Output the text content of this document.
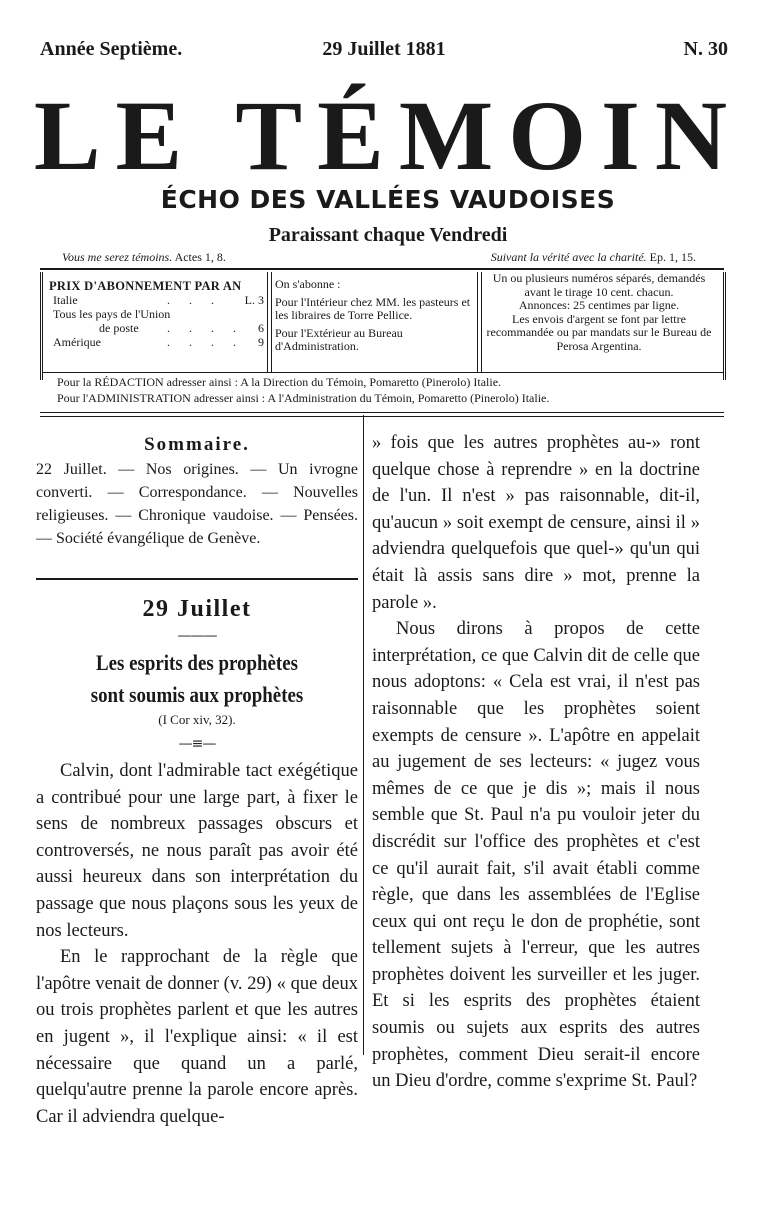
Année Septième.	29 Juillet 1881	N. 30
LE TÉMOIN
ÉCHO DES VALLÉES VAUDOISES
Paraissant chaque Vendredi
Vous me serez témoins. Actes 1, 8.	Suivant la vérité avec la charité. Ep. 1, 15.
PRIX D'ABONNEMENT PAR AN
Italie	. . . L. 3
Tous les pays de l'Union
de poste . . . . 6
Amérique	. . . . 9

On s'abonne :

Pour l'Intérieur chez MM. les pasteurs et les libraires de Torre Pellice.

Pour l'Extérieur au Bureau d'Administration.

Un ou plusieurs numéros séparés, demandés avant le tirage 10 cent. chacun.

Annonces: 25 centimes par ligne.

Les envois d'argent se font par lettre recommandée ou par mandats sur le Bureau de Perosa Argentina.

Pour la RÉDACTION adresser ainsi : A la Direction du Témoin, Pomaretto (Pinerolo) Italie.
Pour l'ADMINISTRATION adresser ainsi : A l'Administration du Témoin, Pomaretto (Pinerolo) Italie.
Sommaire.
22 Juillet. — Nos origines. — Un ivrogne converti. — Correspondance. — Nouvelles religieuses. — Chronique vaudoise. — Pensées. — Société évangélique de Genève.
29 Juillet
———
Les esprits des prophètes
sont soumis aux prophètes
(I Cor xiv, 32).
—≡—

Calvin, dont l'admirable tact exégétique a contribué pour une large part, à fixer le sens de nombreux passages obscurs et controversés, ne nous paraît pas avoir été aussi heureux dans son interprétation du passage que nous plaçons sous les yeux de nos lecteurs.

En le rapprochant de la règle que l'apôtre venait de donner (v. 29) « que deux ou trois prophètes parlent et que les autres en jugent », il l'explique ainsi: « il est nécessaire que quand un a parlé, quelqu'autre prenne la parole encore après. Car il adviendra quelque-

» fois que les autres prophètes au-» ront quelque chose à reprendre » en la doctrine de l'un. Il n'est » pas raisonnable, dit-il, qu'aucun » soit exempt de censure, ainsi il » adviendra quelquefois que quel-» qu'un qui était là assis sans dire » mot, prenne la parole ».

Nous dirons à propos de cette interprétation, ce que Calvin dit de celle que nous adoptons: « Cela est vrai, il n'est pas raisonnable que les prophètes soient exempts de censure ». L'apôtre en appelait au jugement de ses lecteurs: « jugez vous mêmes de ce que je dis »; mais il nous semble que St. Paul n'a pu vouloir jeter du discrédit sur l'office des prophètes et c'est ce qu'il aurait fait, s'il avait établi comme règle, que dans les assemblées de l'Eglise ceux qui ont reçu le don de prophétie, sont tellement sujets à l'erreur, que les autres prophètes doivent les surveiller et les juger. Et si les esprits des prophètes étaient soumis ou sujets aux esprits des autres prophètes, comment Dieu serait-il encore un Dieu d'ordre, comme s'exprime St. Paul?
